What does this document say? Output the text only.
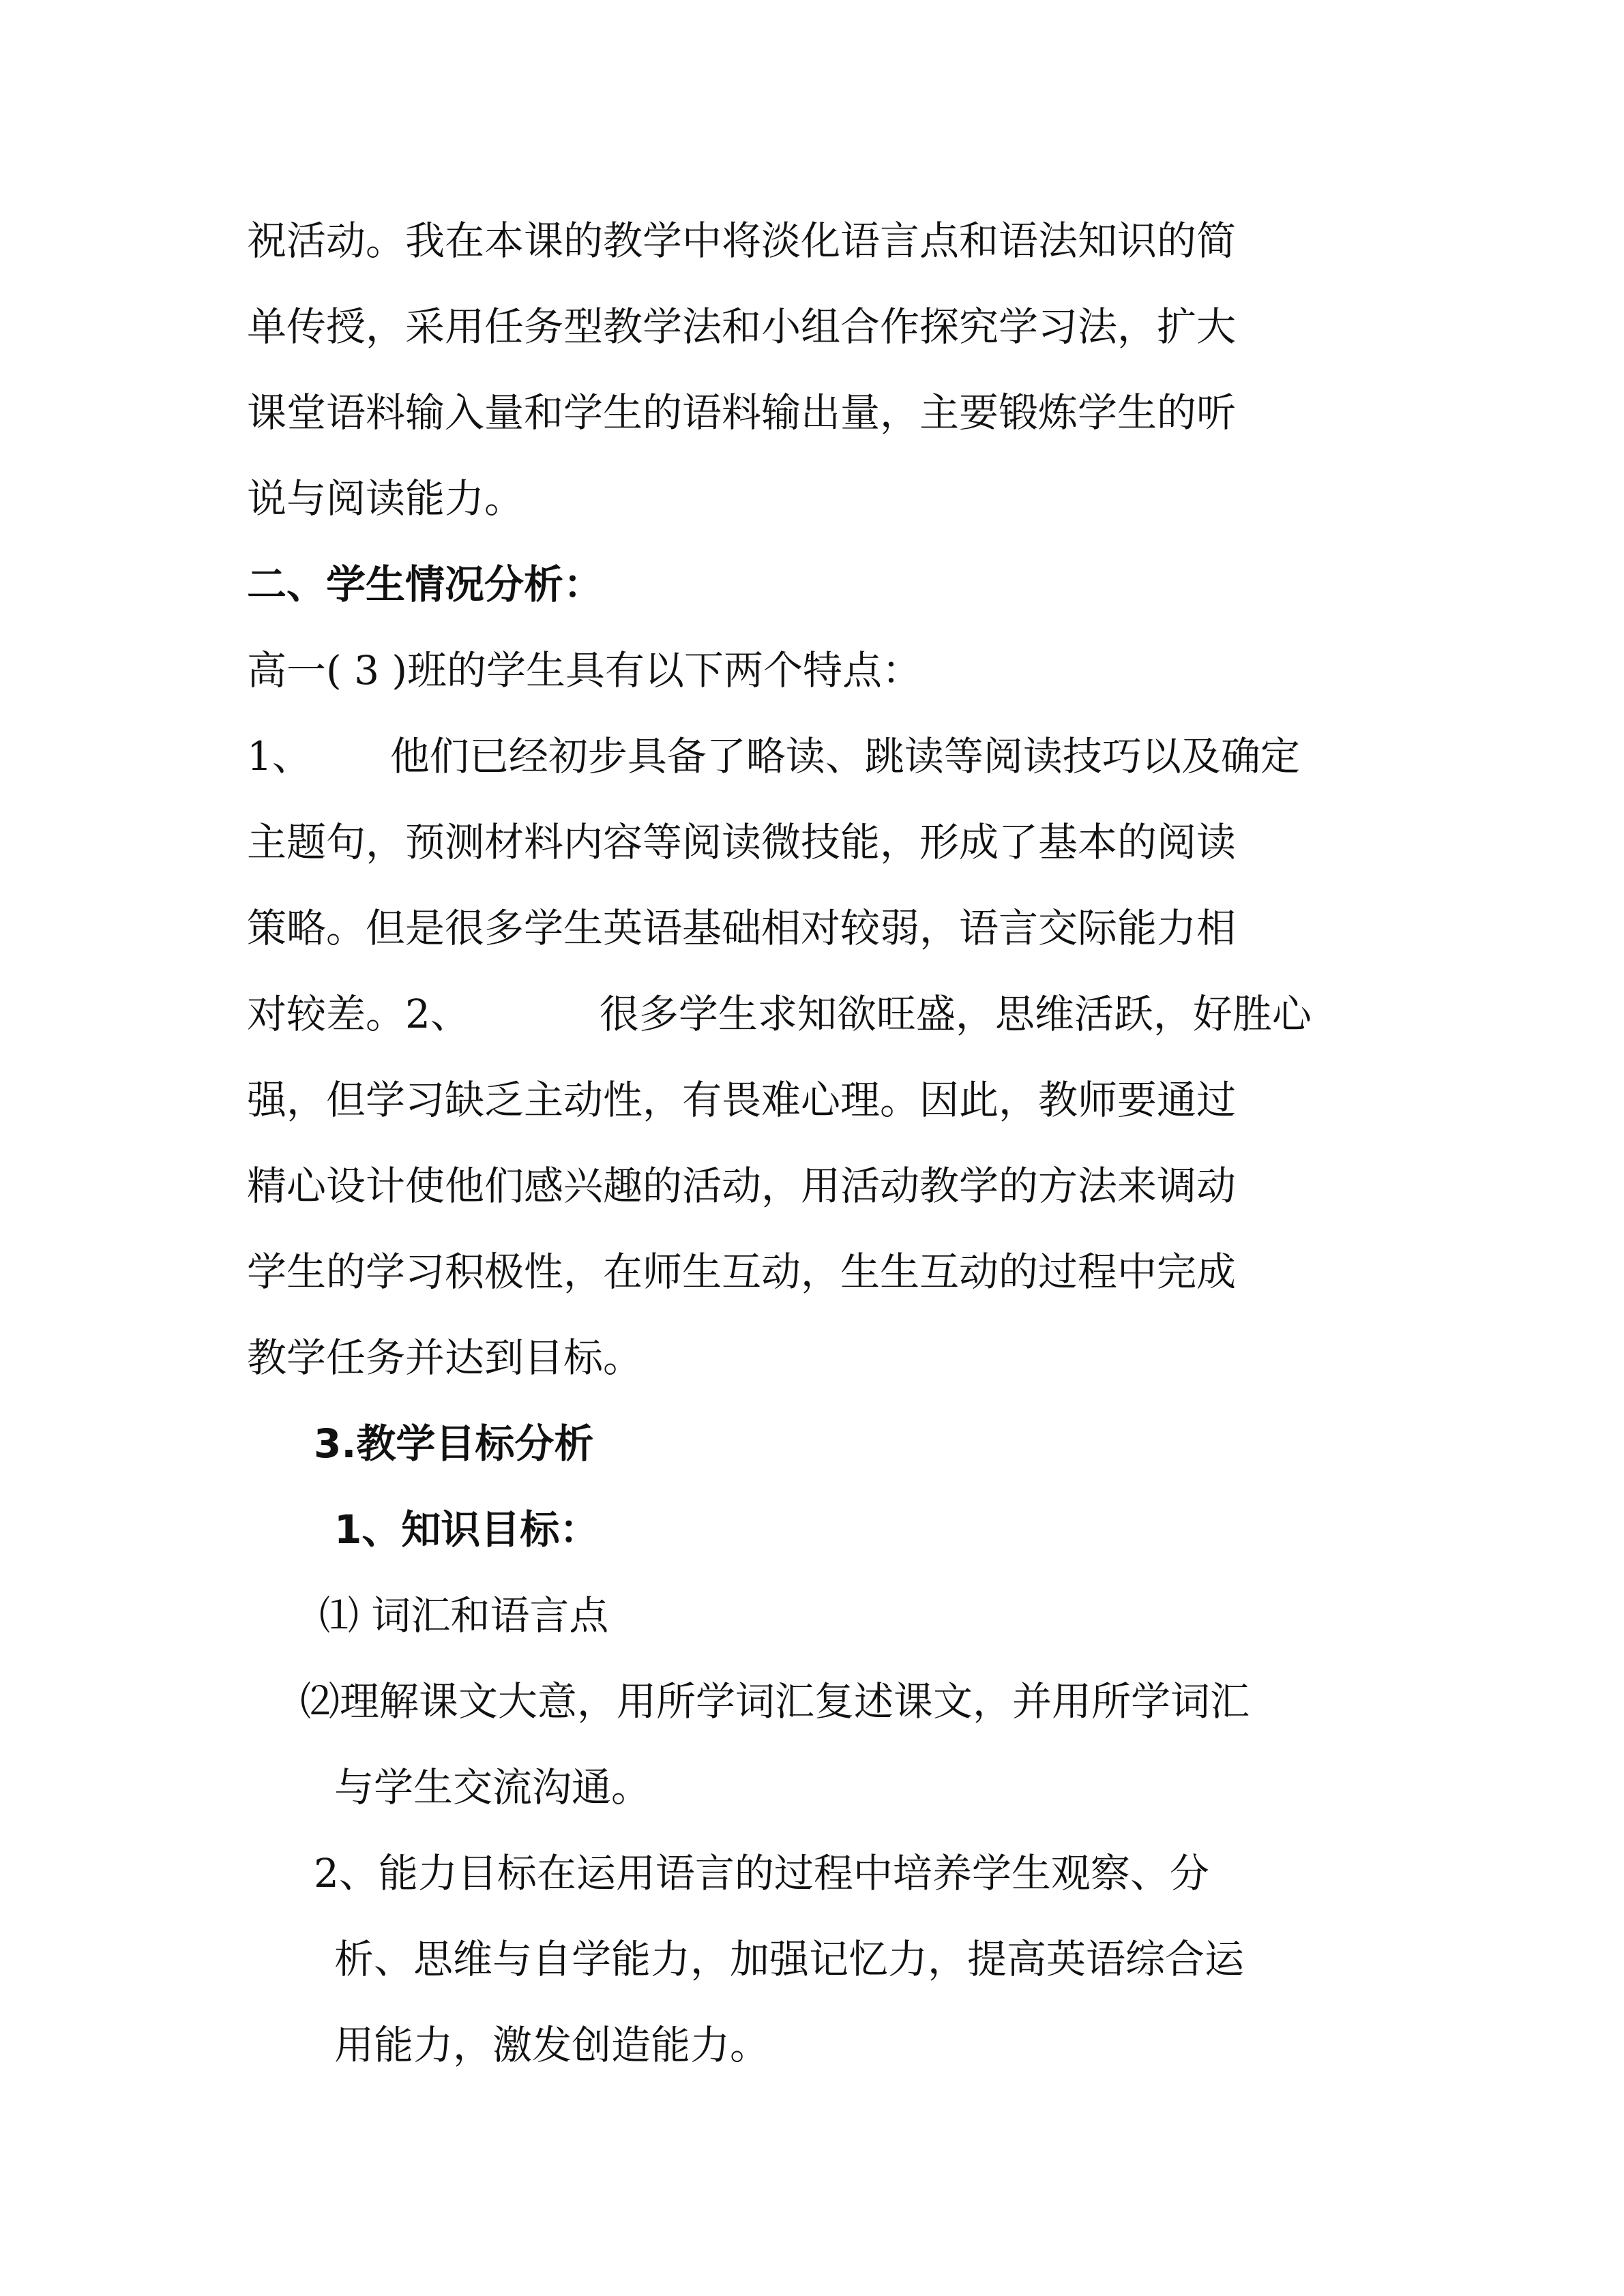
祝活动。我在本课的教学中将淡化语言点和语法知识的简
单传授，采用任务型教学法和小组合作探究学习法，扩大
课堂语料输入量和学生的语料输出量，主要锻炼学生的听
说与阅读能力。
二、学生情况分析：
高一( 3 )班的学生具有以下两个特点：
1、 他们已经初步具备了略读、跳读等阅读技巧以及确定
主题句，预测材料内容等阅读微技能，形成了基本的阅读
策略。但是很多学生英语基础相对较弱，语言交际能力相
对较差。2、	很多学生求知欲旺盛，思维活跃，好胜心
强，但学习缺乏主动性，有畏难心理。因此，教师要通过
精心设计使他们感兴趣的活动，用活动教学的方法来调动
学生的学习积极性，在师生互动，生生互动的过程中完成
教学任务并达到目标。
3.教学目标分析
1、知识目标：
⑴ 词汇和语言点
⑵理解课文大意，用所学词汇复述课文，并用所学词汇
与学生交流沟通。
2、能力目标在运用语言的过程中培养学生观察、分
析、思维与自学能力，加强记忆力，提高英语综合运
用能力，激发创造能力。
